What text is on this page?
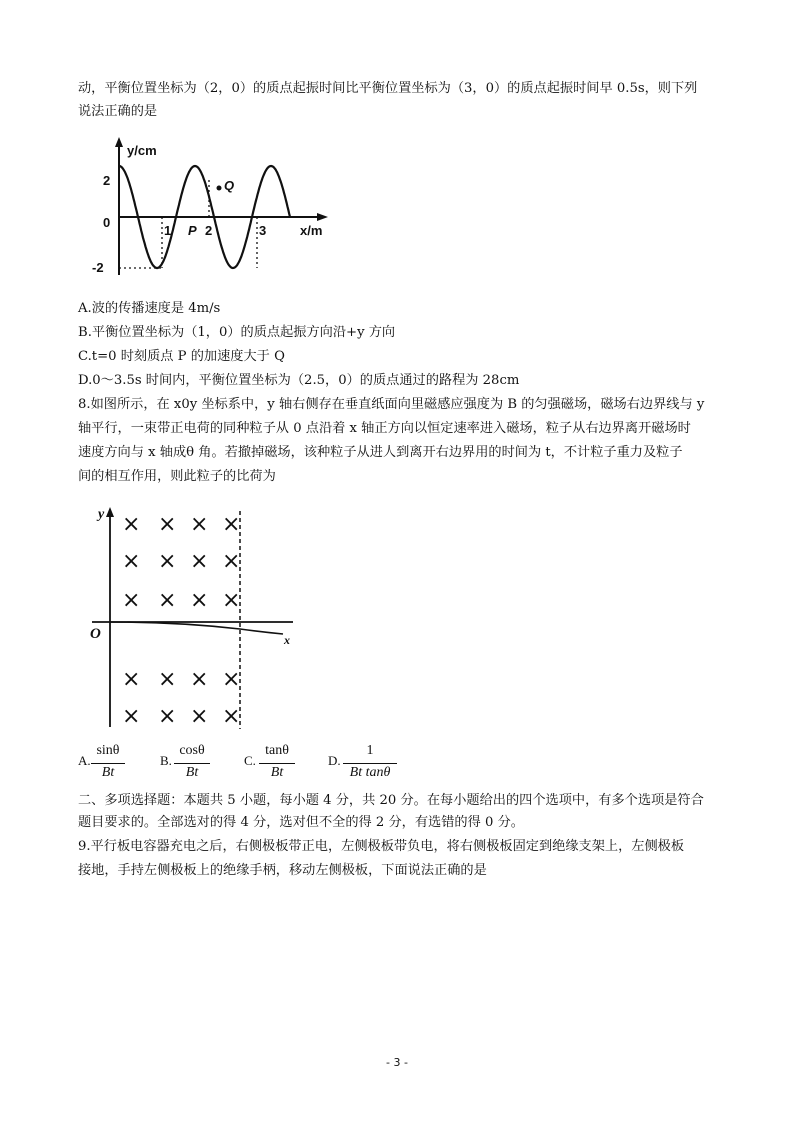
动，平衡位置坐标为（2，0）的质点起振时间比平衡位置坐标为（3，0）的质点起振时间早 0.5s，则下列
说法正确的是
y/cm
2
0
-2
1	2	3	x/m
P
Q
A.波的传播速度是 4m/s
B.平衡位置坐标为（1，0）的质点起振方向沿+y 方向
C.t=0 时刻质点 P 的加速度大于 Q
D.0～3.5s 时间内，平衡位置坐标为（2.5，0）的质点通过的路程为 28cm
8.如图所示，在 x0y 坐标系中，y 轴右侧存在垂直纸面向里磁感应强度为 B 的匀强磁场，磁场右边界线与 y
轴平行，一束带正电荷的同种粒子从 0 点沿着 x 轴正方向以恒定速率进入磁场，粒子从右边界离开磁场时
速度方向与 x 轴成θ 角。若撤掉磁场，该种粒子从进人到离开右边界用的时间为 t，不计粒子重力及粒子
间的相互作用，则此粒子的比荷为
y
x
O
× × × ×
× × × ×
× × × ×
× × × ×
× × × ×
A.
sinθ
Bt
B.
cosθ
Bt
C.
tanθ
Bt
D.
1
Bt tanθ
二、多项选择题：本题共 5 小题，每小题 4 分，共 20 分。在每小题给出的四个选项中，有多个选项是符合
题目要求的。全部选对的得 4 分，选对但不全的得 2 分，有选错的得 0 分。
9.平行板电容器充电之后，右侧极板带正电，左侧极板带负电，将右侧极板固定到绝缘支架上，左侧极板
接地，手持左侧极板上的绝缘手柄，移动左侧极板，下面说法正确的是
- 3 -
